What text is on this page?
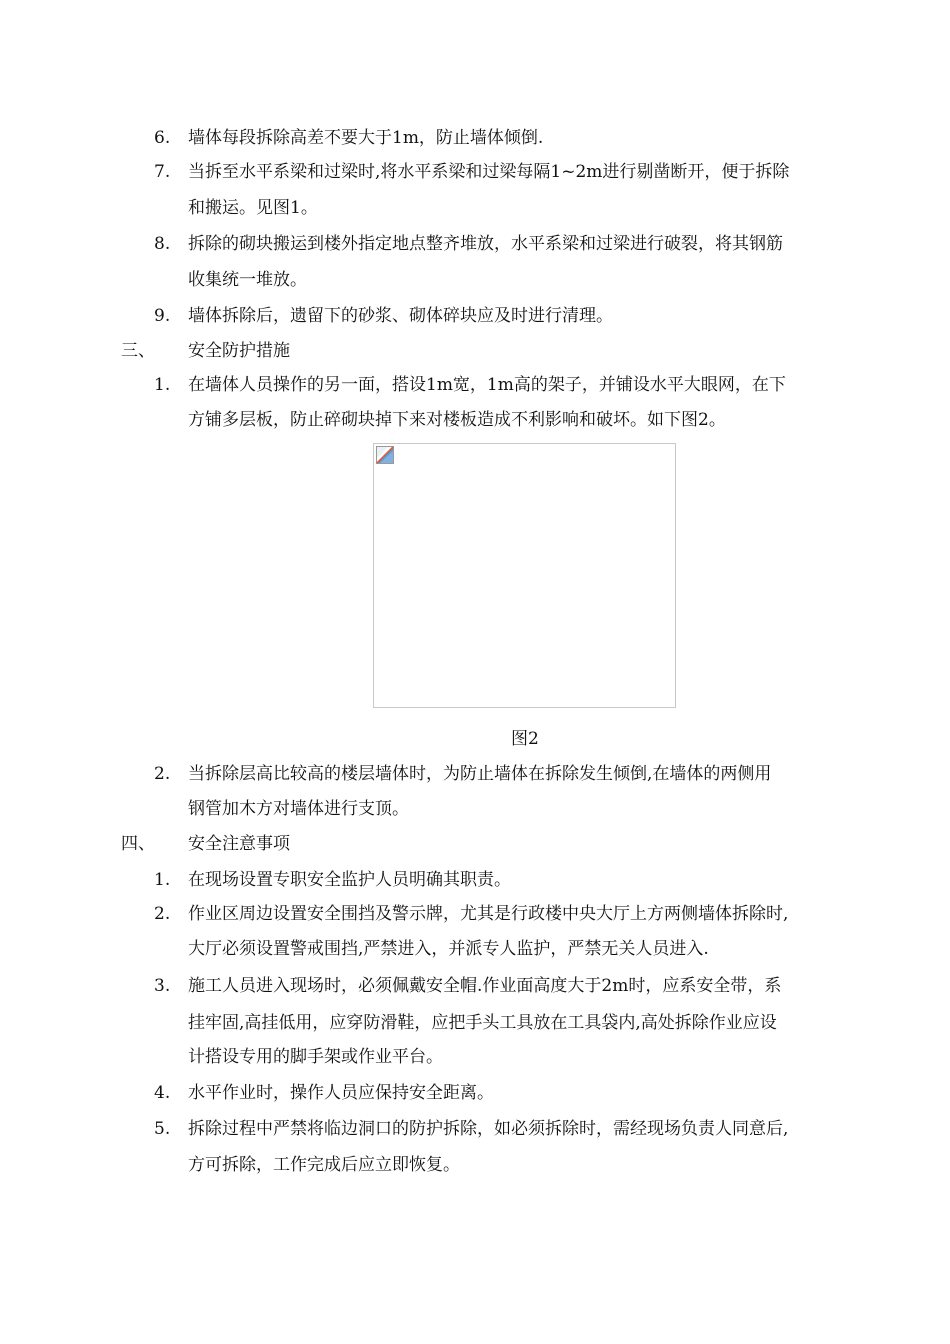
6. 墙体每段拆除高差不要大于1m，防止墙体倾倒.
7. 当拆至水平系梁和过梁时,将水平系梁和过梁每隔1~2m进行剔凿断开，便于拆除
和搬运。见图1。
8. 拆除的砌块搬运到楼外指定地点整齐堆放，水平系梁和过梁进行破裂，将其钢筋
收集统一堆放。
9. 墙体拆除后，遗留下的砂浆、砌体碎块应及时进行清理。
三、 安全防护措施
1. 在墙体人员操作的另一面，搭设1m宽，1m高的架子，并铺设水平大眼网，在下
方铺多层板，防止碎砌块掉下来对楼板造成不利影响和破坏。如下图2。
图2
2. 当拆除层高比较高的楼层墙体时，为防止墙体在拆除发生倾倒,在墙体的两侧用
钢管加木方对墙体进行支顶。
四、 安全注意事项
1. 在现场设置专职安全监护人员明确其职责。
2. 作业区周边设置安全围挡及警示牌，尤其是行政楼中央大厅上方两侧墙体拆除时,
大厅必须设置警戒围挡,严禁进入，并派专人监护，严禁无关人员进入.
3. 施工人员进入现场时，必须佩戴安全帽.作业面高度大于2m时，应系安全带，系
挂牢固,高挂低用，应穿防滑鞋，应把手头工具放在工具袋内,高处拆除作业应设
计搭设专用的脚手架或作业平台。
4. 水平作业时，操作人员应保持安全距离。
5. 拆除过程中严禁将临边洞口的防护拆除，如必须拆除时，需经现场负责人同意后,
方可拆除，工作完成后应立即恢复。
